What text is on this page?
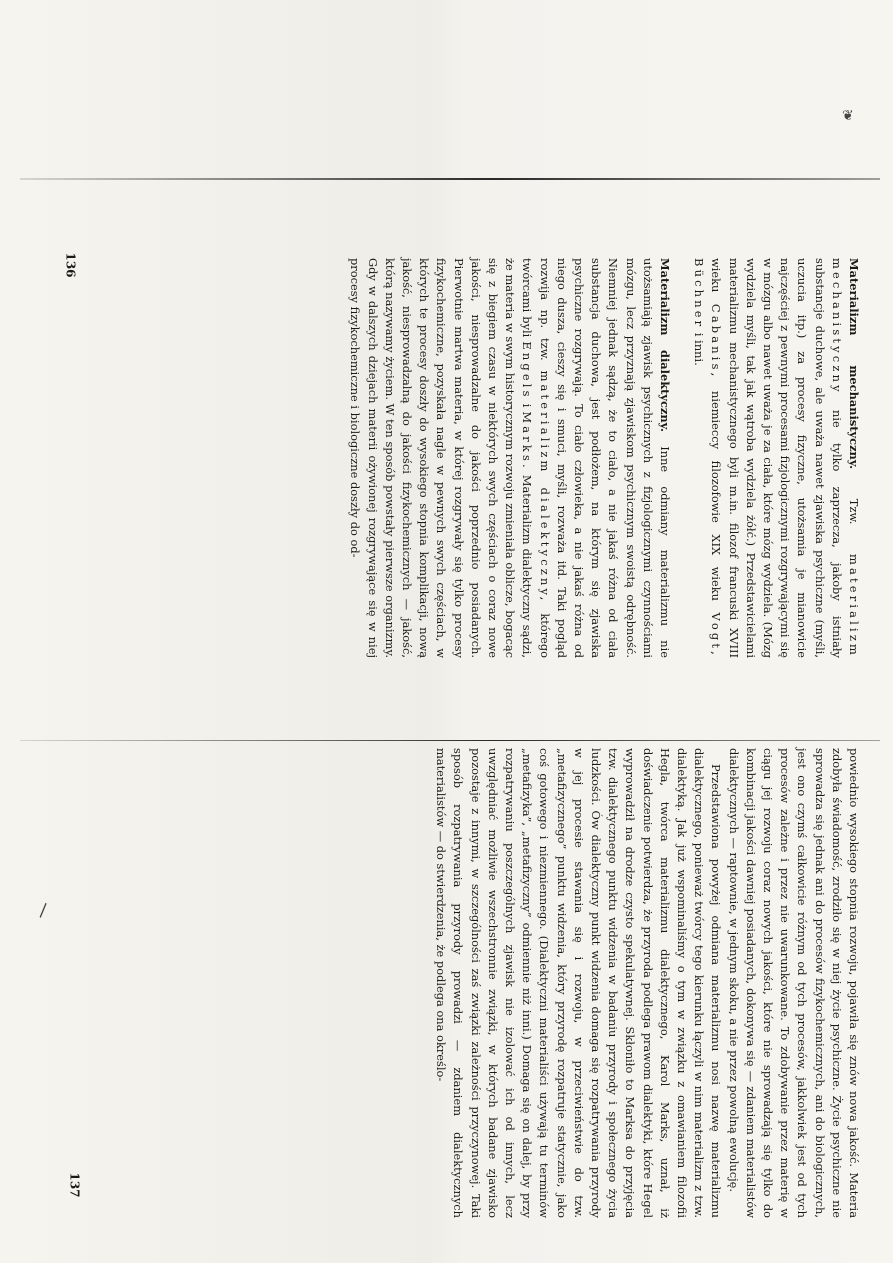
❦
\

Materializm mechanistyczny. Tzw. materializm mechanistyczny nie tylko zaprzecza, jakoby istniały substancje duchowe, ale uważa nawet zjawiska psychiczne (myśli, uczucia itp.) za procesy fizyczne, utożsamia je mianowicie najczęściej z pewnymi procesami fizjologicznymi rozgrywającymi się w mózgu albo nawet uważa je za ciała, które mózg wydziela. (Mózg wydziela myśli, tak jak wątroba wydziela żółć.) Przedstawicielami materializmu mechanistycznego byli m.in. filozof francuski XVIII wieku Cabanis, niemieccy filozofowie XIX wieku Vogt, Büchner i inni.

Materializm dialektyczny. Inne odmiany materializmu nie utożsamiają zjawisk psychicznych z fizjologicznymi czynnościami mózgu, lecz przyznają zjawiskom psychicznym swoistą odrębność. Niemniej jednak sądzą, że to ciało, a nie jakaś różna od ciała substancja duchowa, jest podłożem, na którym się zjawiska psychiczne rozgrywają. To ciało człowieka, a nie jakaś różna od niego dusza, cieszy się i smuci, myśli, rozważa itd. Taki pogląd rozwija np. tzw. materializm dialektyczny, którego twórcami byli Engels i Marks. Materializm dialektyczny sądzi, że materia w swym historycznym rozwoju zmieniała oblicze, bogacąc się z biegiem czasu w niektórych swych częściach o coraz nowe jakości, niesprowadzalne do jakości poprzednio posiadanych. Pierwotnie martwa materia, w której rozgrywały się tylko procesy fizykochemiczne, pozyskała nagle w pewnych swych częściach, w których te procesy doszły do wysokiego stopnia komplikacji, nową jakość, niesprowadzalną do jakości fizykochemicznych — jakość, którą nazywamy życiem. W ten sposób powstały pierwsze organizmy. Gdy w dalszych dziejach materii ożywionej rozgrywające się w niej procesy fizykochemiczne i biologiczne doszły do od-

136

powiednio wysokiego stopnia rozwoju, pojawiła się znów nowa jakość. Materia zdobyła świadomość, zrodziło się w niej życie psychiczne. Życie psychiczne nie sprowadza się jednak ani do procesów fizykochemicznych, ani do biologicznych, jest ono czymś całkowicie różnym od tych procesów, jakkolwiek jest od tych procesów zależne i przez nie uwarunkowane. To zdobywanie przez materię w ciągu jej rozwoju coraz nowych jakości, które nie sprowadzają się tylko do kombinacji jakości dawniej posiadanych, dokonywa się — zdaniem materialistów dialektycznych — raptownie, w jednym skoku, a nie przez powolną ewolucję.

Przedstawiona powyżej odmiana materializmu nosi nazwę materializmu dialektycznego, ponieważ twórcy tego kierunku łączyli w nim materializm z tzw. dialektyką. Jak już wspominaliśmy o tym w związku z omawianiem filozofii Hegla, twórca materializmu dialektycznego, Karol Marks, uznał, iż doświadczenie potwierdza, że przyroda podlega prawom dialektyki, które Hegel wyprowadził na drodze czysto spekulatywnej. Skłoniło to Marksa do przyjęcia tzw. dialektycznego punktu widzenia w badaniu przyrody i społecznego życia ludzkości. Ów dialektyczny punkt widzenia domaga się rozpatrywania przyrody w jej procesie stawania się i rozwoju, w przeciwieństwie do tzw. „metafizycznego” punktu widzenia, który przyrodę rozpatruje statycznie, jako coś gotowego i niezmiennego. (Dialektyczni materialiści używają tu terminów „metafizyka”, „metafizyczny” odmiennie niż inni.) Domaga się on dalej, by przy rozpatrywaniu poszczególnych zjawisk nie izolować ich od innych, lecz uwzględniać możliwie wszechstronnie związki, w których badane zjawisko pozostaje z innymi, w szczególności zaś związki zależności przyczynowej. Taki sposób rozpatrywania przyrody prowadzi — zdaniem dialektycznych materialistów — do stwierdzenia, że podlega ona określo-

137
